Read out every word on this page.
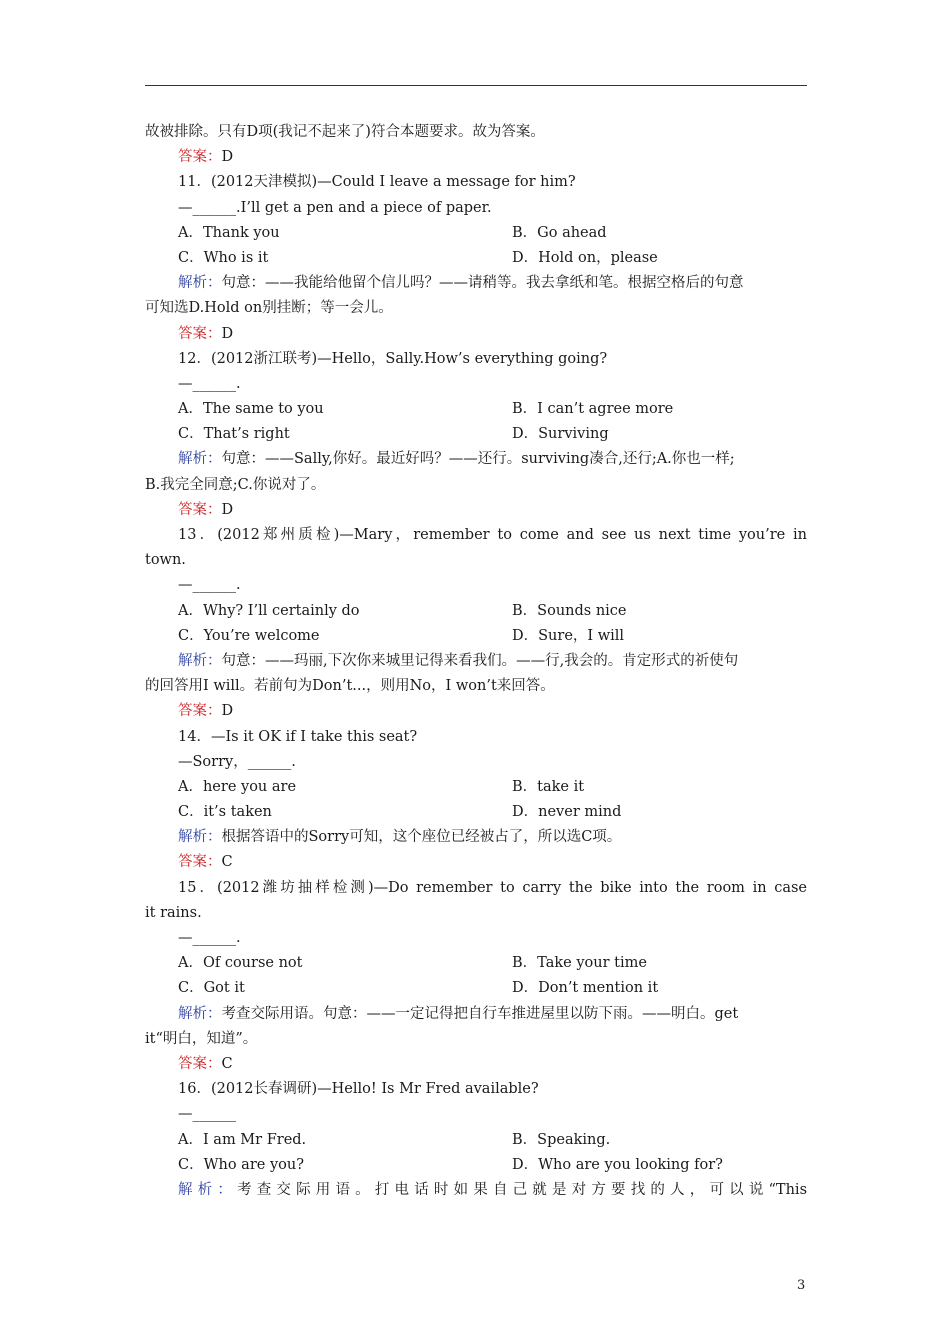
故被排除。只有D项(我记不起来了)符合本题要求。故为答案。
答案：D
11．(2012天津模拟)—Could I leave a message for him?
—______.I’ll get a pen and a piece of paper.
A．Thank you	B．Go ahead
C．Who is it	D．Hold on，please
解析：句意：——我能给他留个信儿吗？——请稍等。我去拿纸和笔。根据空格后的句意
可知选D.Hold on别挂断；等一会儿。
答案：D
12．(2012浙江联考)—Hello，Sally.How’s everything going?
—______.
A．The same to you	B．I can’t agree more
C．That’s right	D．Surviving
解析：句意：——Sally,你好。最近好吗？——还行。surviving凑合,还行;A.你也一样;
B.我完全同意;C.你说对了。
答案：D
13．(2012郑州质检)—Mary，remember to come and see us next time you’re in
town.
—______.
A．Why? I’ll certainly do	B．Sounds nice
C．You’re welcome	D．Sure，I will
解析：句意：——玛丽,下次你来城里记得来看我们。——行,我会的。肯定形式的祈使句
的回答用I will。若前句为Don’t...，则用No，I won’t来回答。
答案：D
14．—Is it OK if I take this seat?
—Sorry，______.
A．here you are	B．take it
C．it’s taken	D．never mind
解析：根据答语中的Sorry可知，这个座位已经被占了，所以选C项。
答案：C
15．(2012潍坊抽样检测)—Do remember to carry the bike into the room in case
it rains.
—______.
A．Of course not	B．Take your time
C．Got it	D．Don’t mention it
解析：考查交际用语。句意：——一定记得把自行车推进屋里以防下雨。——明白。get
it“明白，知道”。
答案：C
16．(2012长春调研)—Hello! Is Mr Fred available?
—______
A．I am Mr Fred.	B．Speaking.
C．Who are you?	D．Who are you looking for?
解析：考查交际用语。打电话时如果自己就是对方要找的人，可以说“This
3
